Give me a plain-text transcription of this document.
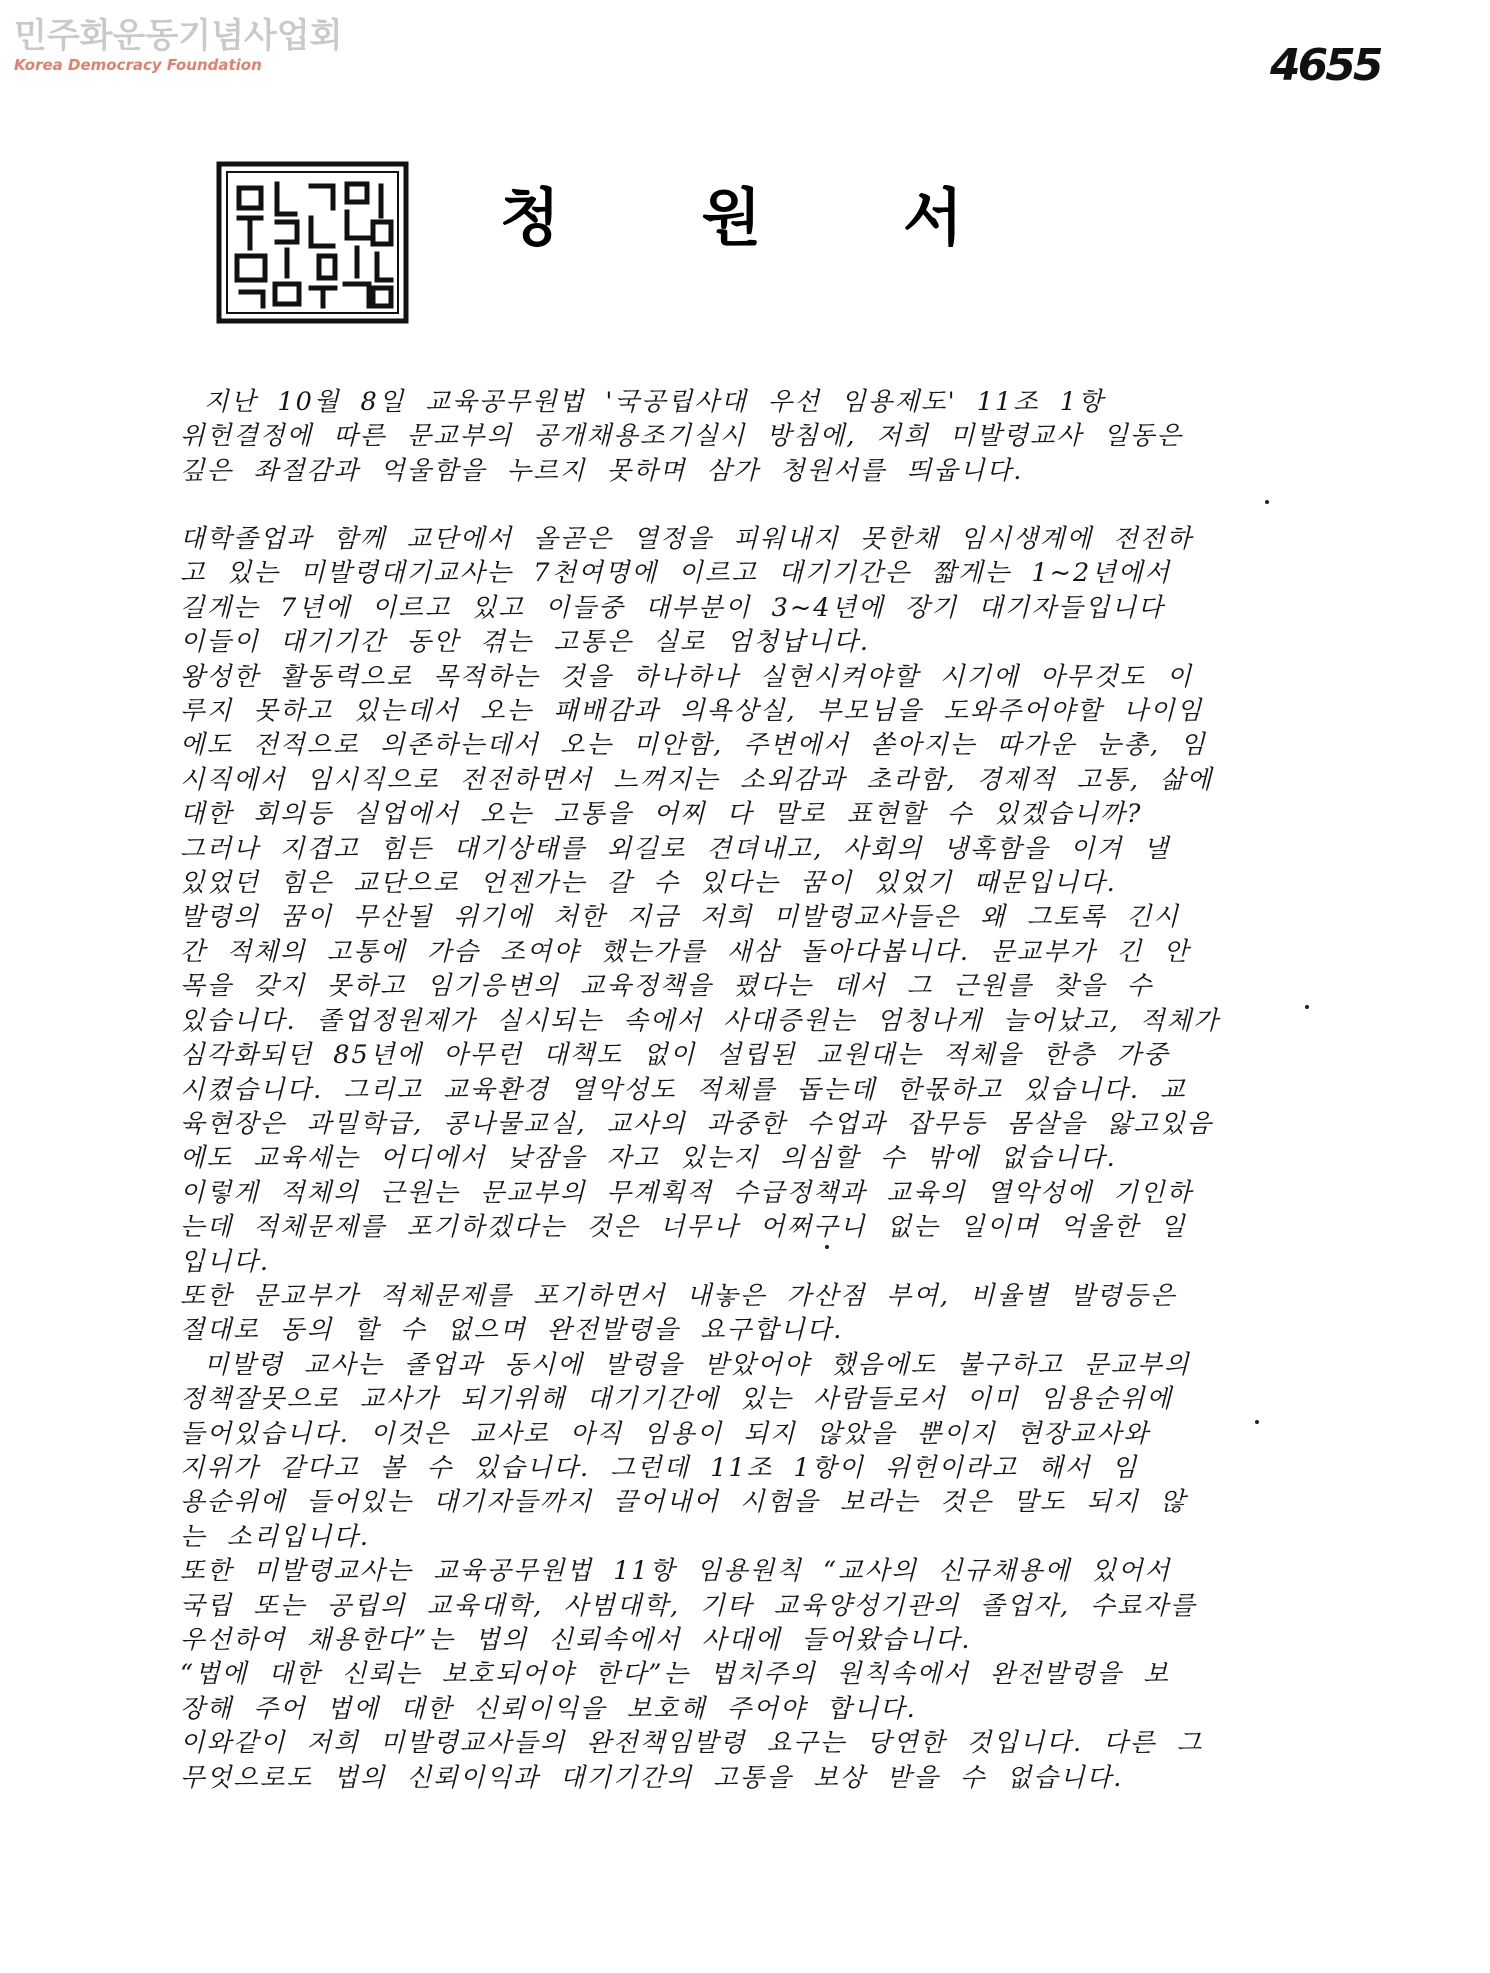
민주화운동기념사업회
Korea Democracy Foundation	4655
청 원 서
지난 10월 8일 교육공무원법 '국공립사대 우선 임용제도' 11조 1항
위헌결정에 따른 문교부의 공개채용조기실시 방침에, 저희 미발령교사 일동은
깊은 좌절감과 억울함을 누르지 못하며 삼가 청원서를 띄웁니다.
대학졸업과 함께 교단에서 올곧은 열정을 피워내지 못한채 임시생계에 전전하
고 있는 미발령대기교사는 7천여명에 이르고 대기기간은 짧게는 1~2년에서
길게는 7년에 이르고 있고 이들중 대부분이 3~4년에 장기 대기자들입니다
이들이 대기기간 동안 겪는 고통은 실로 엄청납니다.
왕성한 활동력으로 목적하는 것을 하나하나 실현시켜야할 시기에 아무것도 이
루지 못하고 있는데서 오는 패배감과 의욕상실, 부모님을 도와주어야할 나이임
에도 전적으로 의존하는데서 오는 미안함, 주변에서 쏟아지는 따가운 눈총, 임
시직에서 임시직으로 전전하면서 느껴지는 소외감과 초라함, 경제적 고통, 삶에
대한 회의등 실업에서 오는 고통을 어찌 다 말로 표현할 수 있겠습니까?
그러나 지겹고 힘든 대기상태를 외길로 견뎌내고, 사회의 냉혹함을 이겨 낼
있었던 힘은 교단으로 언젠가는 갈 수 있다는 꿈이 있었기 때문입니다.
발령의 꿈이 무산될 위기에 처한 지금 저희 미발령교사들은 왜 그토록 긴시
간 적체의 고통에 가슴 조여야 했는가를 새삼 돌아다봅니다. 문교부가 긴 안
목을 갖지 못하고 임기응변의 교육정책을 폈다는 데서 그 근원를 찾을 수
있습니다. 졸업정원제가 실시되는 속에서 사대증원는 엄청나게 늘어났고, 적체가
심각화되던 85년에 아무런 대책도 없이 설립된 교원대는 적체을 한층 가중
시켰습니다. 그리고 교육환경 열악성도 적체를 돕는데 한몫하고 있습니다. 교
육현장은 과밀학급, 콩나물교실, 교사의 과중한 수업과 잡무등 몸살을 앓고있음
에도 교육세는 어디에서 낮잠을 자고 있는지 의심할 수 밖에 없습니다.
이렇게 적체의 근원는 문교부의 무계획적 수급정책과 교육의 열악성에 기인하
는데 적체문제를 포기하겠다는 것은 너무나 어쩌구니 없는 일이며 억울한 일
입니다.
또한 문교부가 적체문제를 포기하면서 내놓은 가산점 부여, 비율별 발령등은
절대로 동의 할 수 없으며 완전발령을 요구합니다.
미발령 교사는 졸업과 동시에 발령을 받았어야 했음에도 불구하고 문교부의
정책잘못으로 교사가 되기위해 대기기간에 있는 사람들로서 이미 임용순위에
들어있습니다. 이것은 교사로 아직 임용이 되지 않았을 뿐이지 현장교사와
지위가 같다고 볼 수 있습니다. 그런데 11조 1항이 위헌이라고 해서 임
용순위에 들어있는 대기자들까지 끌어내어 시험을 보라는 것은 말도 되지 않
는 소리입니다.
또한 미발령교사는 교육공무원법 11항 임용원칙 “교사의 신규채용에 있어서
국립 또는 공립의 교육대학, 사범대학, 기타 교육양성기관의 졸업자, 수료자를
우선하여 채용한다”는 법의 신뢰속에서 사대에 들어왔습니다.
“법에 대한 신뢰는 보호되어야 한다”는 법치주의 원칙속에서 완전발령을 보
장해 주어 법에 대한 신뢰이익을 보호해 주어야 합니다.
이와같이 저희 미발령교사들의 완전책임발령 요구는 당연한 것입니다. 다른 그
무엇으로도 법의 신뢰이익과 대기기간의 고통을 보상 받을 수 없습니다.
